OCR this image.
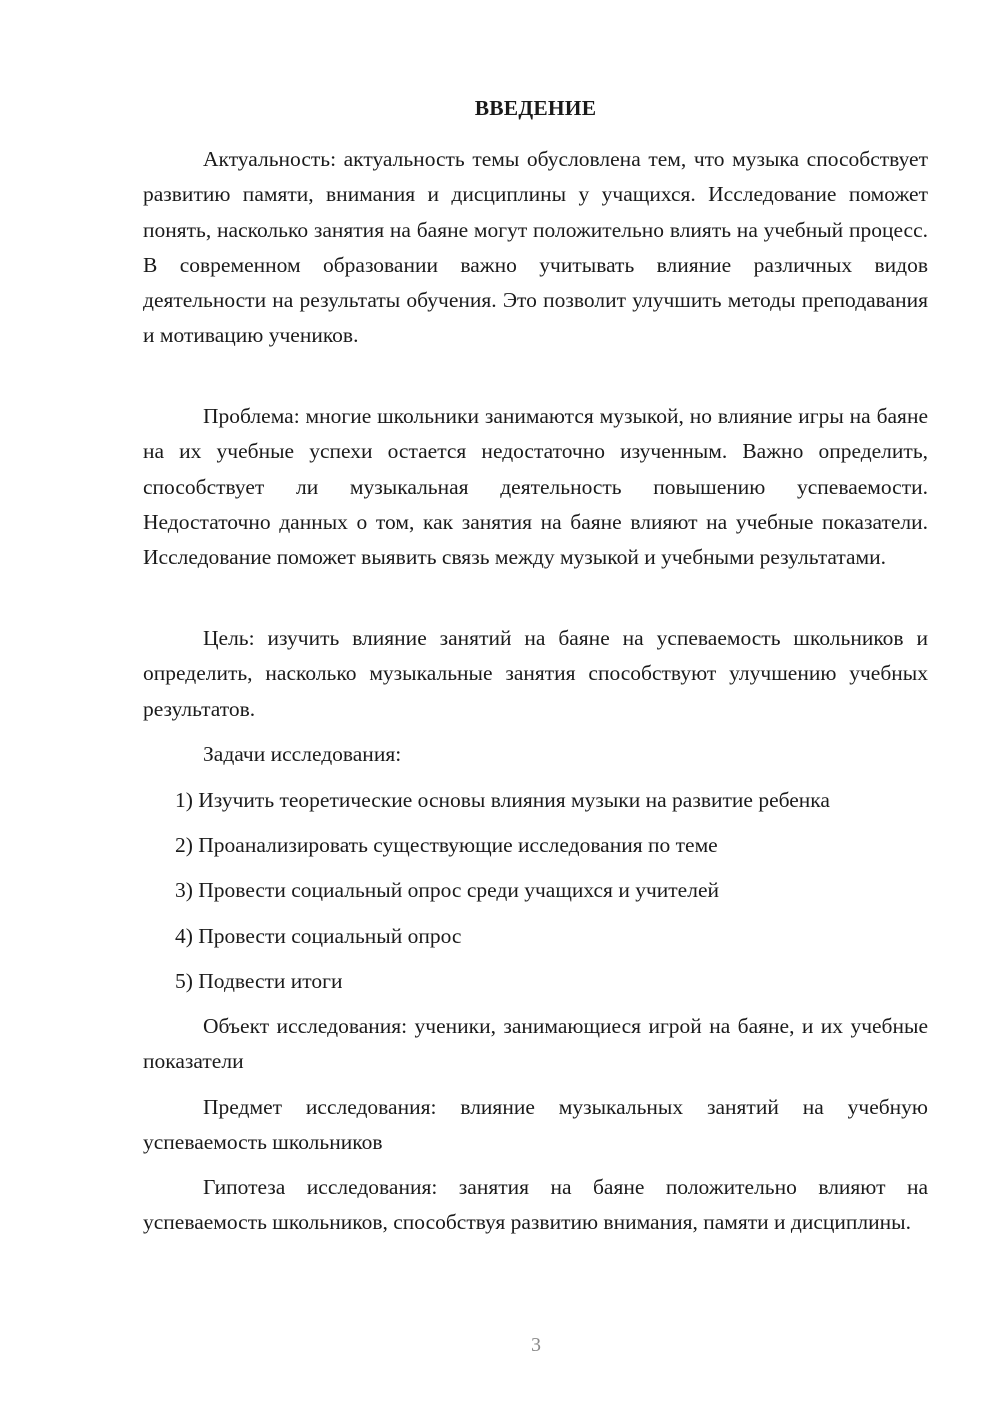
ВВЕДЕНИЕ

Актуальность: актуальность темы обусловлена тем, что музыка способствует развитию памяти, внимания и дисциплины у учащихся. Исследование поможет понять, насколько занятия на баяне могут положительно влиять на учебный процесс. В современном образовании важно учитывать влияние различных видов деятельности на результаты обучения. Это позволит улучшить методы преподавания и мотивацию учеников.

Проблема: многие школьники занимаются музыкой, но влияние игры на баяне на их учебные успехи остается недостаточно изученным. Важно определить, способствует ли музыкальная деятельность повышению успеваемости. Недостаточно данных о том, как занятия на баяне влияют на учебные показатели. Исследование поможет выявить связь между музыкой и учебными результатами.

Цель: изучить влияние занятий на баяне на успеваемость школьников и определить, насколько музыкальные занятия способствуют улучшению учебных результатов.

Задачи исследования:

1) Изучить теоретические основы влияния музыки на развитие ребенка

2) Проанализировать существующие исследования по теме

3) Провести социальный опрос среди учащихся и учителей

4) Провести социальный опрос

5) Подвести итоги

Объект исследования: ученики, занимающиеся игрой на баяне, и их учебные показатели

Предмет исследования: влияние музыкальных занятий на учебную успеваемость школьников

Гипотеза исследования: занятия на баяне положительно влияют на успеваемость школьников, способствуя развитию внимания, памяти и дисциплины.

3
